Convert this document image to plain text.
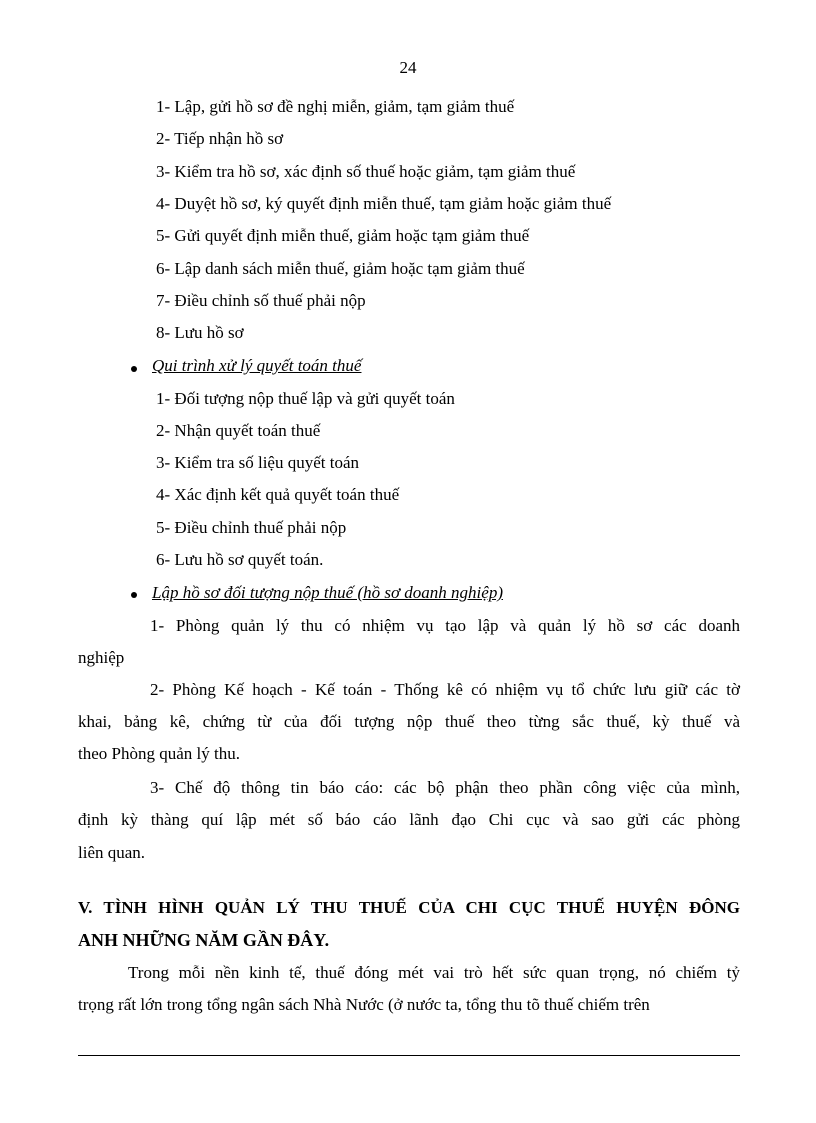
24
1- Lập, gửi hồ sơ đề nghị miễn, giảm, tạm giảm thuế
2- Tiếp nhận hồ sơ
3- Kiểm tra hồ sơ, xác định số thuế hoặc giảm, tạm giảm thuế
4- Duyệt hồ sơ, ký quyết định miễn thuế, tạm giảm hoặc giảm thuế
5- Gửi quyết định miễn thuế, giảm hoặc tạm giảm thuế
6- Lập danh sách miễn thuế, giảm hoặc tạm giảm thuế
7- Điều chỉnh số thuế phải nộp
8- Lưu hồ sơ
Qui trình xử lý quyết toán thuế
1- Đối tượng nộp thuế lập và gửi quyết toán
2- Nhận quyết toán thuế
3- Kiểm tra số liệu quyết toán
4- Xác định kết quả quyết toán thuế
5- Điều chỉnh thuế phải nộp
6- Lưu hồ sơ quyết toán.
Lập hồ sơ đối tượng nộp thuế (hồ sơ doanh nghiệp)
1- Phòng quản lý thu có nhiệm vụ tạo lập và quản lý hồ sơ các doanh
nghiệp
2- Phòng Kế hoạch - Kế toán - Thống kê có nhiệm vụ tổ chức lưu giữ các tờ
khai, bảng kê, chứng từ của đối tượng nộp thuế theo từng sắc thuế, kỳ thuế và
theo Phòng quản lý thu.
3- Chế độ thông tin báo cáo: các bộ phận theo phần công việc của mình,
định kỳ thàng quí lập mét số báo cáo lãnh đạo Chi cục và sao gửi các phòng
liên quan.
V. TÌNH HÌNH QUẢN LÝ THU THUẾ CỦA CHI CỤC THUẾ HUYỆN ĐÔNG
ANH NHỮNG NĂM GẦN ĐÂY.
Trong mỗi nền kinh tế, thuế đóng mét vai trò hết sức quan trọng, nó chiếm tỷ
trọng rất lớn trong tổng ngân sách Nhà Nước (ở nước ta, tổng thu tõ thuế chiếm trên
